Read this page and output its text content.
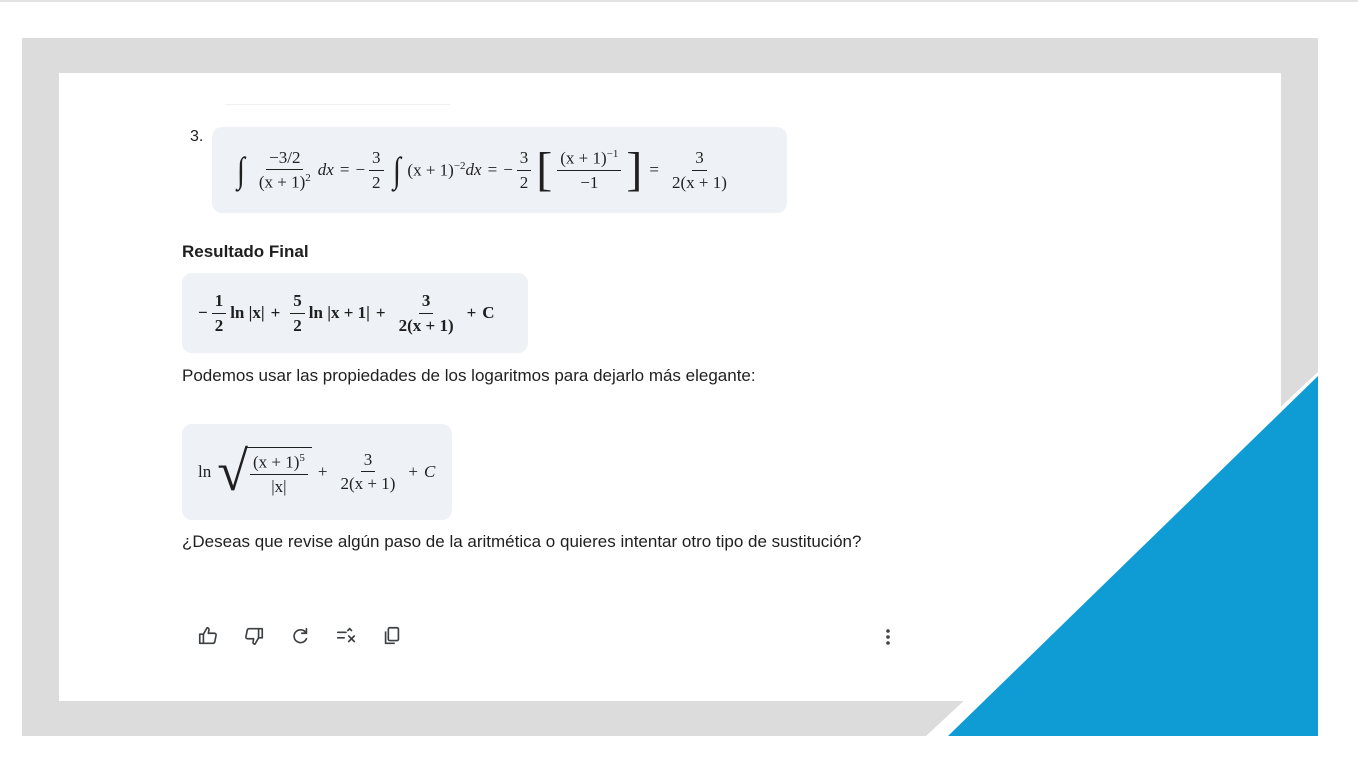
3.
∫ $\frac{-3/2}{(x + 1)^2}$ dx = − $\frac{3}{2}$ ∫ $(x + 1)^{-2}$ dx = − $\frac{3}{2}$ [ $\frac{(x + 1)^{-1}}{-1}$ ] = $\frac{3}{2(x + 1)}$
Resultado Final
− $\frac{1}{2}$ $\ln |x| + \frac{5}{2}$ $\ln |x + 1| + \frac{3}{2(x + 1)} + C$
Podemos usar las propiedades de los logaritmos para dejarlo más elegante:
ln √ $\frac{(x + 1)^5}{|x|} + \frac{3}{2(x + 1)} + C$
¿Deseas que revise algún paso de la aritmética o quieres intentar otro tipo de sustitución?
